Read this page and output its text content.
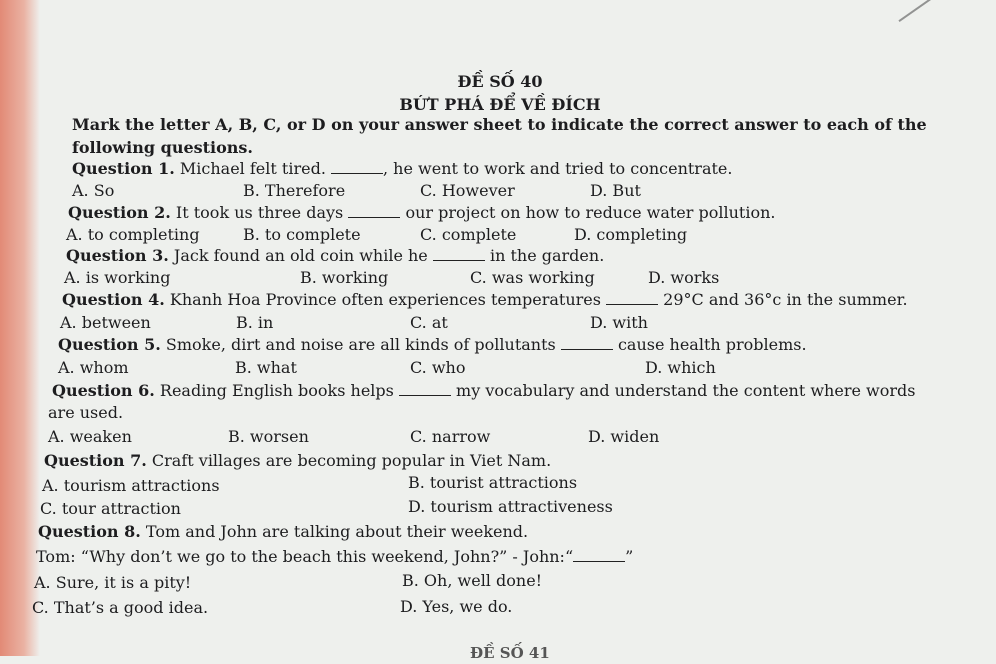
ĐỀ SỐ 40
BỨT PHÁ ĐỂ VỀ ĐÍCH
Mark the letter A, B, C, or D on your answer sheet to indicate the correct answer to each of the following questions.
Question 1. Michael felt tired.	, he went to work and tried to concentrate.
A. So	B. Therefore	C. However	D. But
Question 2. It took us three days	our project on how to reduce water pollution.
A. to completing	B. to complete	C. complete	D. completing
Question 3. Jack found an old coin while he	in the garden.
A. is working	B. working	C. was working	D. works
Question 4. Khanh Hoa Province often experiences temperatures	29°C and 36°c in the summer.
A. between	B. in	C. at	D. with
Question 5. Smoke, dirt and noise are all kinds of pollutants	cause health problems.
A. whom	B. what	C. who	D. which
Question 6. Reading English books helps	my vocabulary and understand the content where words
are used.
A. weaken	B. worsen	C. narrow	D. widen
Question 7. Craft villages are becoming popular in Viet Nam.
A. tourism attractions	B. tourist attractions
C. tour attraction	D. tourism attractiveness
Question 8. Tom and John are talking about their weekend.
Tom: “Why don’t we go to the beach this weekend, John?” - John:“	”
A. Sure, it is a pity!	B. Oh, well done!
C. That’s a good idea.	D. Yes, we do.
ĐỀ SỐ 41
